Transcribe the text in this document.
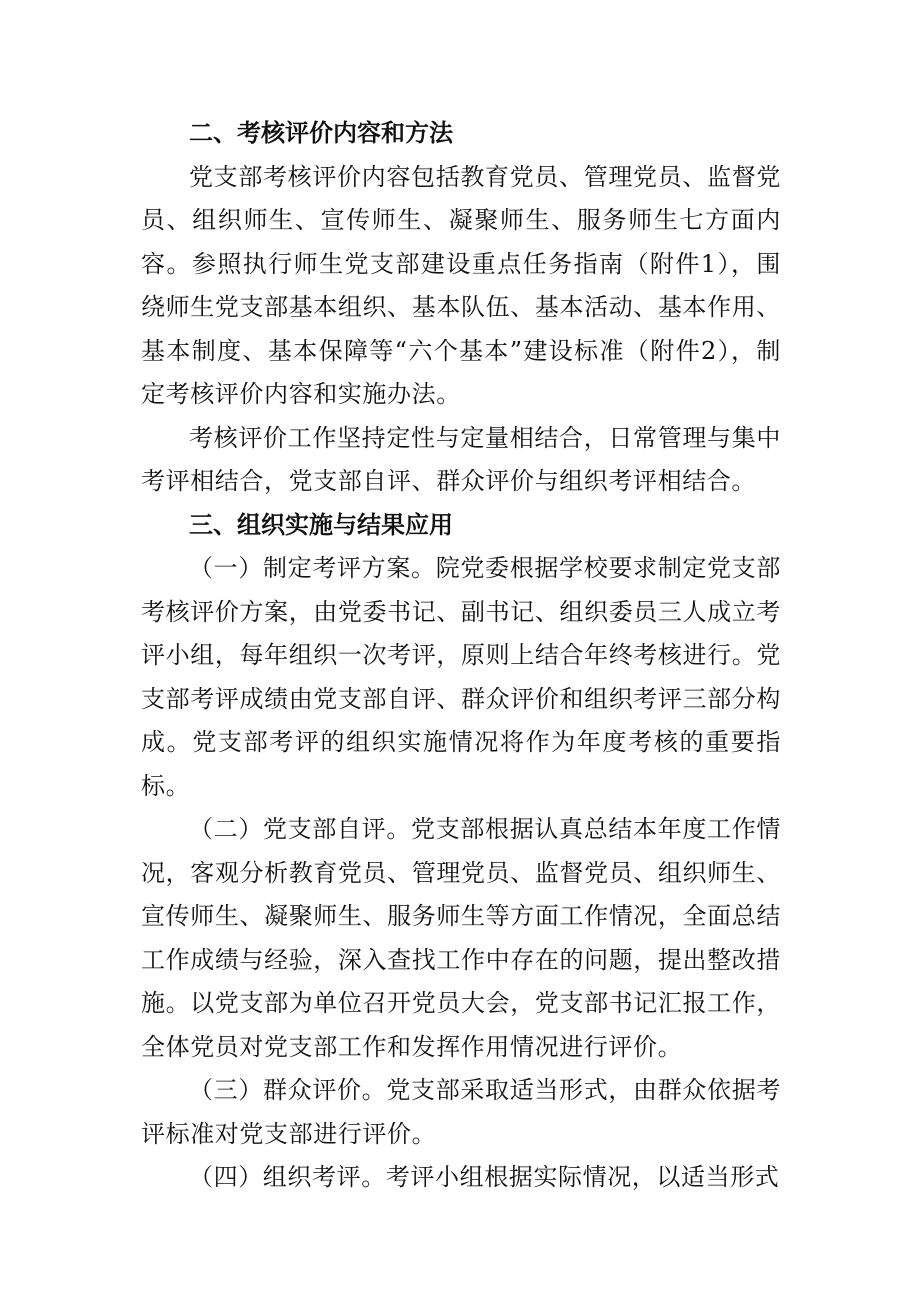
二、考核评价内容和方法

党支部考核评价内容包括教育党员、管理党员、监督党员、组织师生、宣传师生、凝聚师生、服务师生七方面内容。参照执行师生党支部建设重点任务指南（附件1），围绕师生党支部基本组织、基本队伍、基本活动、基本作用、基本制度、基本保障等“六个基本”建设标准（附件2），制定考核评价内容和实施办法。

考核评价工作坚持定性与定量相结合，日常管理与集中考评相结合，党支部自评、群众评价与组织考评相结合。

三、组织实施与结果应用

（一）制定考评方案。院党委根据学校要求制定党支部考核评价方案，由党委书记、副书记、组织委员三人成立考评小组，每年组织一次考评，原则上结合年终考核进行。党支部考评成绩由党支部自评、群众评价和组织考评三部分构成。党支部考评的组织实施情况将作为年度考核的重要指标。

（二）党支部自评。党支部根据认真总结本年度工作情况，客观分析教育党员、管理党员、监督党员、组织师生、宣传师生、凝聚师生、服务师生等方面工作情况，全面总结工作成绩与经验，深入查找工作中存在的问题，提出整改措施。以党支部为单位召开党员大会，党支部书记汇报工作，全体党员对党支部工作和发挥作用情况进行评价。

（三）群众评价。党支部采取适当形式，由群众依据考评标准对党支部进行评价。

（四）组织考评。考评小组根据实际情况，以适当形式
